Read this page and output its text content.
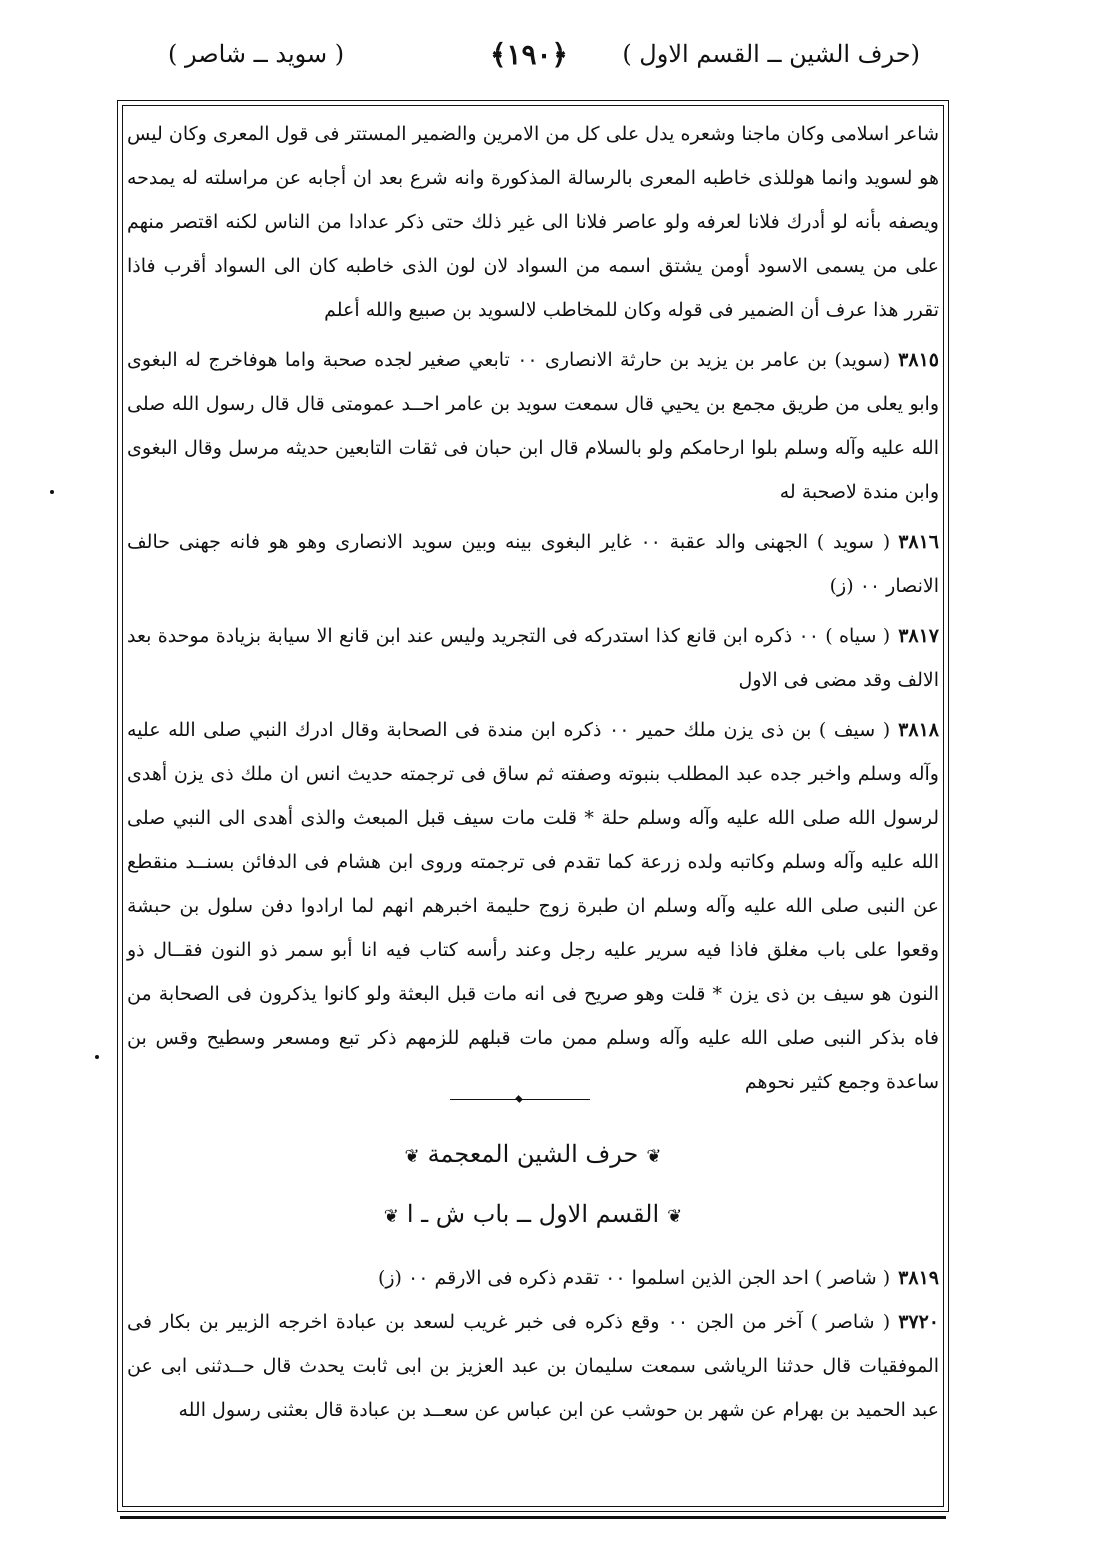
(حرف الشين ــ القسم الاول )
﴿١٩٠﴾
( سويد ــ شاصر )

شاعر اسلامی وكان ماجنا وشعره يدل على كل من الامرين والضمير المستتر فى قول المعرى وكان ليس هو لسويد وانما هوللذى خاطبه المعرى بالرسالة المذكورة وانه شرع بعد ان أجابه عن مراسلته له يمدحه ويصفه بأنه لو أدرك فلانا لعرفه ولو عاصر فلانا الى غير ذلك حتى ذكر عدادا من الناس لكنه اقتصر منهم على من يسمى الاسود أومن يشتق اسمه من السواد لان لون الذى خاطبه كان الى السواد أقرب فاذا تقرر هذا عرف أن الضمير فى قوله وكان للمخاطب لالسويد بن صبيع والله أعلم

٣٨١٥(سويد) بن عامر بن يزيد بن حارثة الانصارى ٠٠ تابعي صغير لجده صحبة واما هوفاخرج له البغوى وابو يعلى من طريق مجمع بن يحيي قال سمعت سويد بن عامر احــد عمومتى قال قال رسول الله صلى الله عليه وآله وسلم بلوا ارحامكم ولو بالسلام قال ابن حبان فى ثقات التابعين حديثه مرسل وقال البغوى وابن مندة لاصحبة له

٣٨١٦( سويد ) الجهنى والد عقبة ٠٠ غاير البغوى بينه وبين سويد الانصارى وهو هو فانه جهنى حالف الانصار ٠٠ (ز)

٣٨١٧( سياه ) ٠٠ ذكره ابن قانع كذا استدركه فى التجريد وليس عند ابن قانع الا سيابة بزيادة موحدة بعد الالف وقد مضى فى الاول

٣٨١٨( سيف ) بن ذى يزن ملك حمير ٠٠ ذكره ابن مندة فى الصحابة وقال ادرك النبي صلى الله عليه وآله وسلم واخبر جده عبد المطلب بنبوته وصفته ثم ساق فى ترجمته حديث انس ان ملك ذى يزن أهدى لرسول الله صلى الله عليه وآله وسلم حلة * قلت مات سيف قبل المبعث والذى أهدى الى النبي صلى الله عليه وآله وسلم وكاتبه ولده زرعة كما تقدم فى ترجمته وروى ابن هشام فى الدفائن بسنــد منقطع عن النبى صلى الله عليه وآله وسلم ان طبرة زوج حليمة اخبرهم انهم لما ارادوا دفن سلول بن حبشة وقعوا على باب مغلق فاذا فيه سرير عليه رجل وعند رأسه كتاب فيه انا أبو سمر ذو النون فقــال ذو النون هو سيف بن ذى يزن * قلت وهو صريح فى انه مات قبل البعثة ولو كانوا يذكرون فى الصحابة من فاه بذكر النبى صلى الله عليه وآله وسلم ممن مات قبلهم للزمهم ذكر تبع ومسعر وسطيح وقس بن ساعدة وجمع كثير نحوهم

❦حرف الشين المعجمة❦
❦القسم الاول ــ باب ش ـ ا❦

٣٨١٩( شاصر ) احد الجن الذين اسلموا ٠٠ تقدم ذكره فى الارقم ٠٠ (ز)

٣٧٢٠( شاصر ) آخر من الجن ٠٠ وقع ذكره فى خبر غريب لسعد بن عبادة اخرجه الزبير بن بكار فى الموفقيات قال حدثنا الرياشى سمعت سليمان بن عبد العزيز بن ابى ثابت يحدث قال حــدثنى ابى عن عبد الحميد بن بهرام عن شهر بن حوشب عن ابن عباس عن سعــد بن عبادة قال بعثنى رسول الله
